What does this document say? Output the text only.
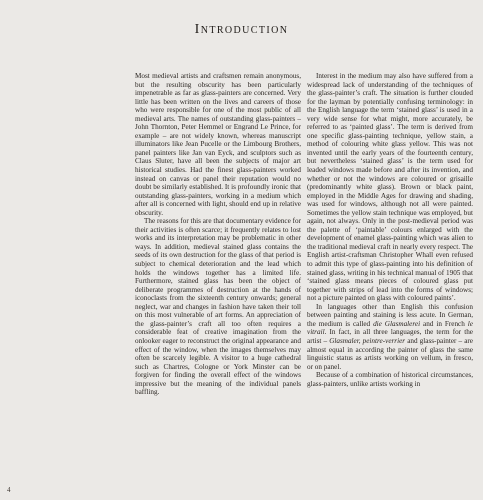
Introduction

Most medieval artists and craftsmen remain anonymous, but the resulting obscurity has been particularly impenetrable as far as glass-painters are concerned. Very little has been written on the lives and careers of those who were responsible for one of the most public of all medieval arts. The names of outstanding glass-painters – John Thornton, Peter Hemmel or Engrand Le Prince, for example – are not widely known, whereas manuscript illuminators like Jean Pucelle or the Limbourg Brothers, panel painters like Jan van Eyck, and sculptors such as Claus Sluter, have all been the subjects of major art historical studies. Had the finest glass-painters worked instead on canvas or panel their reputation would no doubt be similarly established. It is profoundly ironic that outstanding glass-painters, working in a medium which after all is concerned with light, should end up in relative obscurity.

The reasons for this are that documentary evidence for their activities is often scarce; it frequently relates to lost works and its interpretation may be problematic in other ways. In addition, medieval stained glass contains the seeds of its own destruction for the glass of that period is subject to chemical deterioration and the lead which holds the windows together has a limited life. Furthermore, stained glass has been the object of deliberate programmes of destruction at the hands of iconoclasts from the sixteenth century onwards; general neglect, war and changes in fashion have taken their toll on this most vulnerable of art forms. An appreciation of the glass-painter’s craft all too often requires a considerable feat of creative imagination from the onlooker eager to reconstruct the original appearance and effect of the window, when the images themselves may often be scarcely legible. A visitor to a huge cathedral such as Chartres, Cologne or York Minster can be forgiven for finding the overall effect of the windows impressive but the meaning of the individual panels baffling.

Interest in the medium may also have suffered from a widespread lack of understanding of the techniques of the glass-painter’s craft. The situation is further clouded for the layman by potentially confusing terminology: in the English language the term ‘stained glass’ is used in a very wide sense for what might, more accurately, be referred to as ‘painted glass’. The term is derived from one specific glass-painting technique, yellow stain, a method of colouring white glass yellow. This was not invented until the early years of the fourteenth century, but nevertheless ‘stained glass’ is the term used for leaded windows made before and after its invention, and whether or not the windows are coloured or grisaille (predominantly white glass). Brown or black paint, employed in the Middle Ages for drawing and shading, was used for windows, although not all were painted. Sometimes the yellow stain technique was employed, but again, not always. Only in the post-medieval period was the palette of ‘paintable’ colours enlarged with the development of enamel glass-painting which was alien to the traditional medieval craft in nearly every respect. The English artist-craftsman Christopher Whall even refused to admit this type of glass-painting into his definition of stained glass, writing in his technical manual of 1905 that ‘stained glass means pieces of coloured glass put together with strips of lead into the forms of windows; not a picture painted on glass with coloured paints’.

In languages other than English this confusion between painting and staining is less acute. In German, the medium is called die Glasmalerei and in French le vitrail. In fact, in all three languages, the term for the artist – Glasmaler, peintre-verrier and glass-painter – are almost equal in according the painter of glass the same linguistic status as artists working on vellum, in fresco, or on panel.

Because of a combination of historical circumstances, glass-painters, unlike artists working in

4
